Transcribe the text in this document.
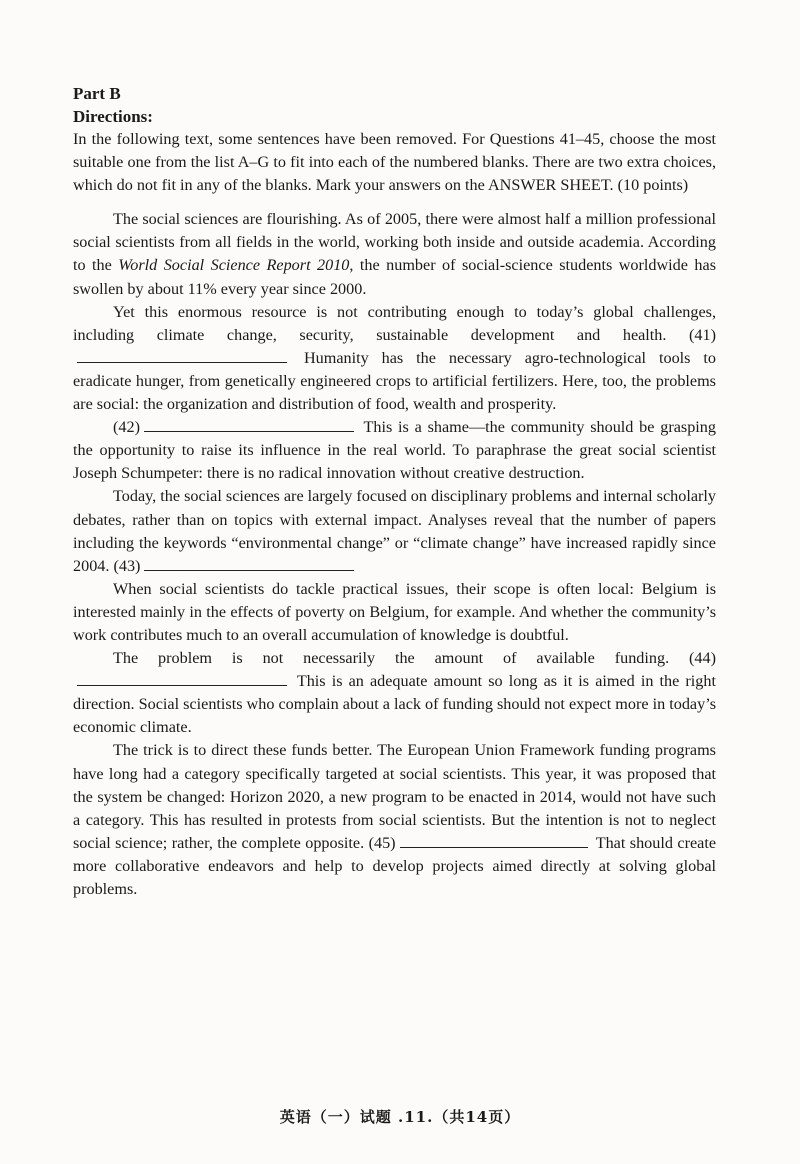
Part B
Directions:

In the following text, some sentences have been removed. For Questions 41–45, choose the most suitable one from the list A–G to fit into each of the numbered blanks. There are two extra choices, which do not fit in any of the blanks. Mark your answers on the ANSWER SHEET. (10 points)

The social sciences are flourishing. As of 2005, there were almost half a million professional social scientists from all fields in the world, working both inside and outside academia. According to the World Social Science Report 2010, the number of social-science students worldwide has swollen by about 11% every year since 2000.

Yet this enormous resource is not contributing enough to today’s global challenges, including climate change, security, sustainable development and health. (41) Humanity has the necessary agro-technological tools to eradicate hunger, from genetically engineered crops to artificial fertilizers. Here, too, the problems are social: the organization and distribution of food, wealth and prosperity.

(42)	This is a shame—the community should be grasping the opportunity to raise its influence in the real world. To paraphrase the great social scientist Joseph Schumpeter: there is no radical innovation without creative destruction.

Today, the social sciences are largely focused on disciplinary problems and internal scholarly debates, rather than on topics with external impact. Analyses reveal that the number of papers including the keywords “environmental change” or “climate change” have increased rapidly since 2004. (43)

When social scientists do tackle practical issues, their scope is often local: Belgium is interested mainly in the effects of poverty on Belgium, for example. And whether the community’s work contributes much to an overall accumulation of knowledge is doubtful.

The problem is not necessarily the amount of available funding. (44) This is an adequate amount so long as it is aimed in the right direction. Social scientists who complain about a lack of funding should not expect more in today’s economic climate.

The trick is to direct these funds better. The European Union Framework funding programs have long had a category specifically targeted at social scientists. This year, it was proposed that the system be changed: Horizon 2020, a new program to be enacted in 2014, would not have such a category. This has resulted in protests from social scientists. But the intention is not to neglect social science; rather, the complete opposite. (45)	That should create more collaborative endeavors and help to develop projects aimed directly at solving global problems.

英语（一）试题 .11.（共14页）
